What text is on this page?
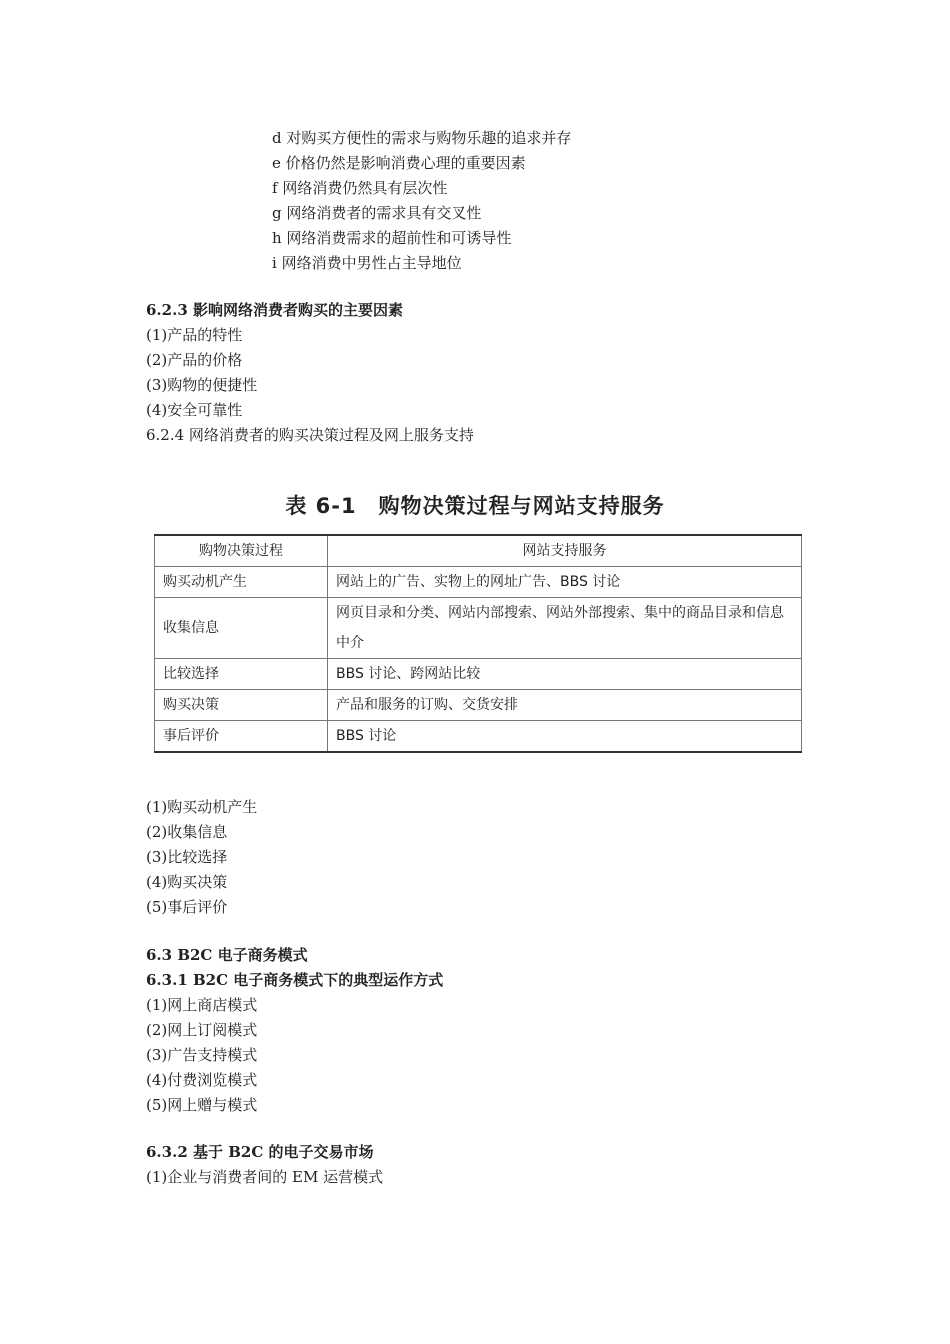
d 对购买方便性的需求与购物乐趣的追求并存
e 价格仍然是影响消费心理的重要因素
f 网络消费仍然具有层次性
g 网络消费者的需求具有交叉性
h 网络消费需求的超前性和可诱导性
i 网络消费中男性占主导地位
6.2.3 影响网络消费者购买的主要因素
(1)产品的特性
(2)产品的价格
(3)购物的便捷性
(4)安全可靠性
6.2.4 网络消费者的购买决策过程及网上服务支持
表 6-1　购物决策过程与网站支持服务
购物决策过程	网站支持服务
购买动机产生	网站上的广告、实物上的网址广告、BBS 讨论
收集信息	网页目录和分类、网站内部搜索、网站外部搜索、集中的商品目录和信息中介
比较选择	BBS 讨论、跨网站比较
购买决策	产品和服务的订购、交货安排
事后评价	BBS 讨论
(1)购买动机产生
(2)收集信息
(3)比较选择
(4)购买决策
(5)事后评价
6.3 B2C 电子商务模式
6.3.1 B2C 电子商务模式下的典型运作方式
(1)网上商店模式
(2)网上订阅模式
(3)广告支持模式
(4)付费浏览模式
(5)网上赠与模式
6.3.2 基于 B2C 的电子交易市场
(1)企业与消费者间的 EM 运营模式
